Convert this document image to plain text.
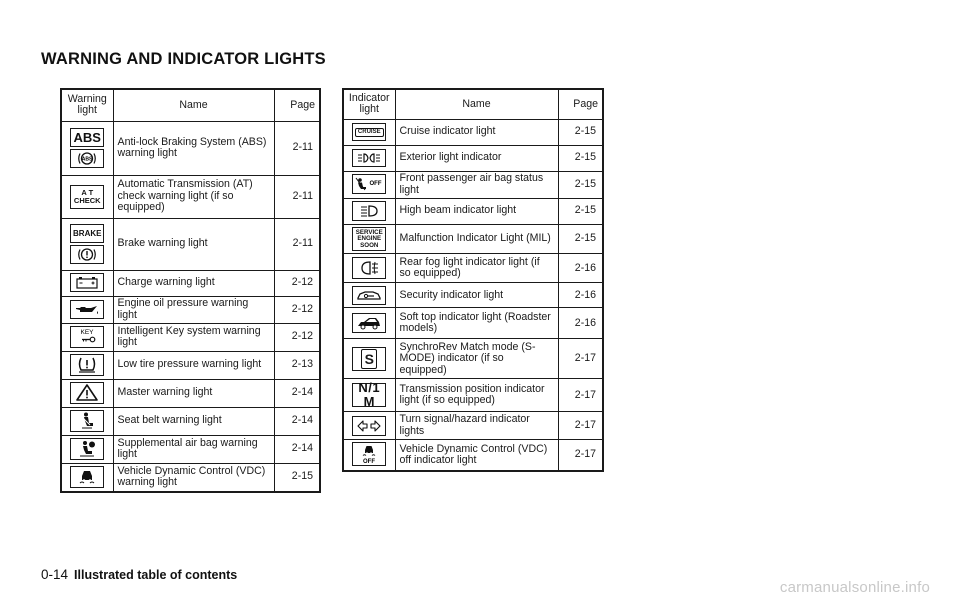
WARNING AND INDICATOR LIGHTS
Warning light	Name	Page

ABS
ABS	Anti-lock Braking System (ABS) warning light	2-11

A T CHECK	Automatic Transmission (AT) check warning light (if so equipped)	2-11

BRAKE	Brake warning light	2-11

	Charge warning light	2-12

	Engine oil pressure warning light	2-12

KEY	Intelligent Key system warning light	2-12

	Low tire pressure warning light	2-13

	Master warning light	2-14

	Seat belt warning light	2-14

	Supplemental air bag warning light	2-14

	Vehicle Dynamic Control (VDC) warning light	2-15
Indicator light	Name	Page

CRUISE	Cruise indicator light	2-15

	Exterior light indicator	2-15

OFF	Front passenger air bag status light	2-15

	High beam indicator light	2-15

SERVICE ENGINE SOON	Malfunction Indicator Light (MIL)	2-15

	Rear fog light indicator light (if so equipped)	2-16

	Security indicator light	2-16

	Soft top indicator light (Roadster models)	2-16

S	SynchroRev Match mode (S-MODE) indicator (if so equipped)	2-17

N/1 M	Transmission position indicator light (if so equipped)	2-17

	Turn signal/hazard indicator lights	2-17

OFF	Vehicle Dynamic Control (VDC) off indicator light	2-17
0-14 Illustrated table of contents
carmanualsonline.info
